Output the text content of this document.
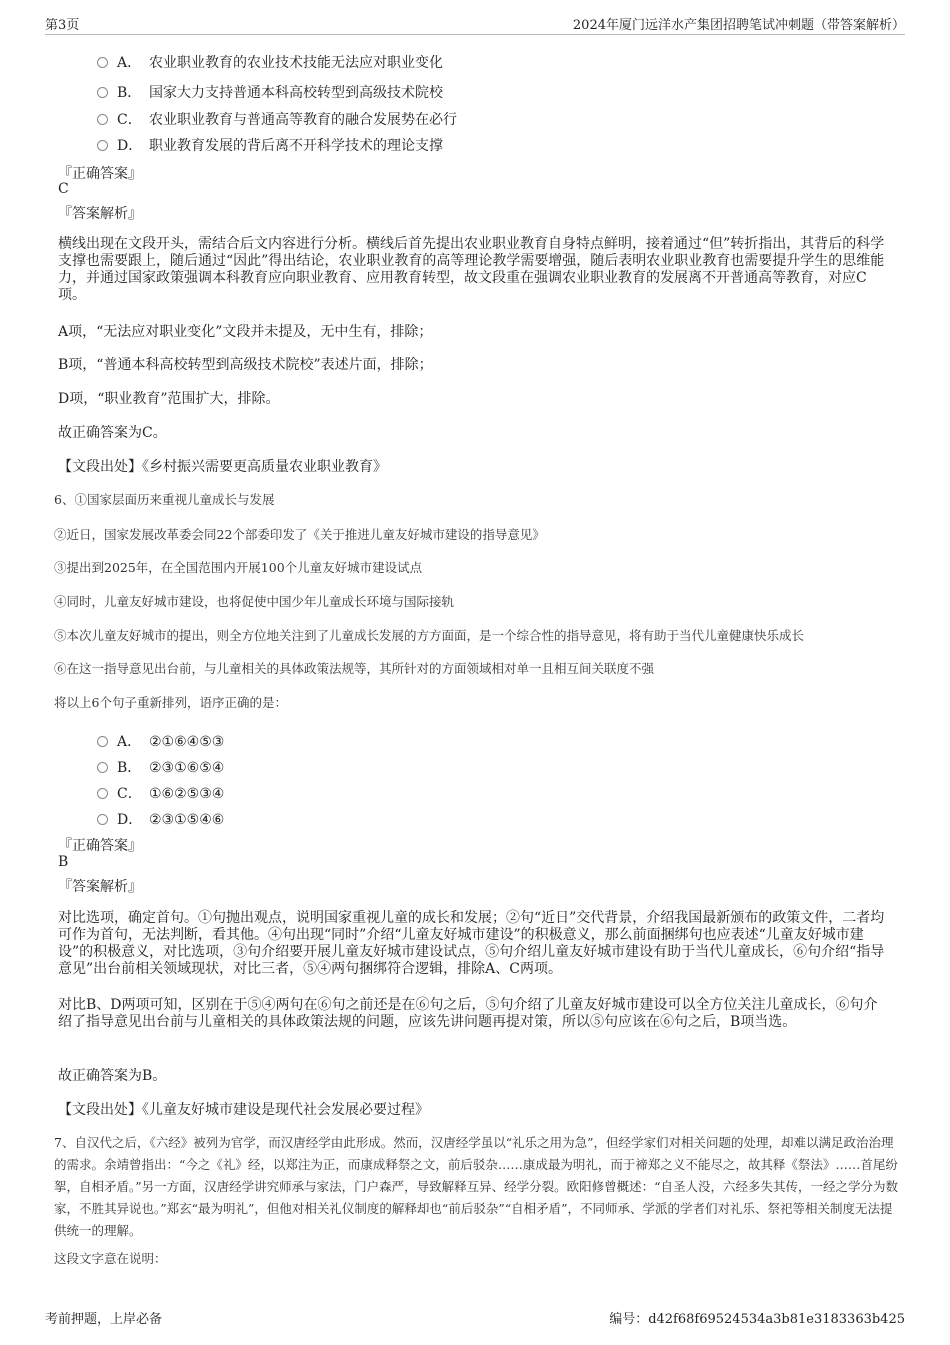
第3页	2024年厦门远洋水产集团招聘笔试冲刺题（带答案解析）
A． 农业职业教育的农业技术技能无法应对职业变化
B． 国家大力支持普通本科高校转型到高级技术院校
C． 农业职业教育与普通高等教育的融合发展势在必行
D． 职业教育发展的背后离不开科学技术的理论支撑
『正确答案』
C
『答案解析』
横线出现在文段开头，需结合后文内容进行分析。横线后首先提出农业职业教育自身特点鲜明，接着通过“但”转折指出，其背后的科学支撑也需要跟上，随后通过“因此”得出结论，农业职业教育的高等理论教学需要增强，随后表明农业职业教育也需要提升学生的思维能力，并通过国家政策强调本科教育应向职业教育、应用教育转型，故文段重在强调农业职业教育的发展离不开普通高等教育，对应C项。
A项，“无法应对职业变化”文段并未提及，无中生有，排除；
B项，“普通本科高校转型到高级技术院校”表述片面，排除；
D项，“职业教育”范围扩大，排除。
故正确答案为C。
【文段出处】《乡村振兴需要更高质量农业职业教育》
6、①国家层面历来重视儿童成长与发展
②近日，国家发展改革委会同22个部委印发了《关于推进儿童友好城市建设的指导意见》
③提出到2025年，在全国范围内开展100个儿童友好城市建设试点
④同时，儿童友好城市建设，也将促使中国少年儿童成长环境与国际接轨
⑤本次儿童友好城市的提出，则全方位地关注到了儿童成长发展的方方面面，是一个综合性的指导意见，将有助于当代儿童健康快乐成长
⑥在这一指导意见出台前，与儿童相关的具体政策法规等，其所针对的方面领域相对单一且相互间关联度不强
将以上6个句子重新排列，语序正确的是：
A． ②①⑥④⑤③
B． ②③①⑥⑤④
C． ①⑥②⑤③④
D． ②③①⑤④⑥
『正确答案』
B
『答案解析』
对比选项，确定首句。①句抛出观点，说明国家重视儿童的成长和发展；②句“近日”交代背景，介绍我国最新颁布的政策文件，二者均可作为首句，无法判断，看其他。④句出现“同时”介绍“儿童友好城市建设”的积极意义，那么前面捆绑句也应表述“儿童友好城市建设”的积极意义，对比选项，③句介绍要开展儿童友好城市建设试点，⑤句介绍儿童友好城市建设有助于当代儿童成长，⑥句介绍“指导意见”出台前相关领域现状，对比三者，⑤④两句捆绑符合逻辑，排除A、C两项。
对比B、D两项可知，区别在于⑤④两句在⑥句之前还是在⑥句之后，⑤句介绍了儿童友好城市建设可以全方位关注儿童成长，⑥句介绍了指导意见出台前与儿童相关的具体政策法规的问题，应该先讲问题再提对策，所以⑤句应该在⑥句之后，B项当选。
故正确答案为B。
【文段出处】《儿童友好城市建设是现代社会发展必要过程》
7、自汉代之后，《六经》被列为官学，而汉唐经学由此形成。然而，汉唐经学虽以“礼乐之用为急”，但经学家们对相关问题的处理，却难以满足政治治理的需求。余靖曾指出：“今之《礼》经，以郑注为正，而康成释祭之文，前后驳杂……康成最为明礼，而于禘郑之义不能尽之，故其释《祭法》……首尾纷挐，自相矛盾。”另一方面，汉唐经学讲究师承与家法，门户森严，导致解释互异、经学分裂。欧阳修曾概述：“自圣人没，六经多失其传，一经之学分为数家，不胜其异说也。”郑玄“最为明礼”，但他对相关礼仪制度的解释却也“前后驳杂”“自相矛盾”，不同师承、学派的学者们对礼乐、祭祀等相关制度无法提供统一的理解。
这段文字意在说明：
考前押题，上岸必备	编号：d42f68f69524534a3b81e3183363b425
